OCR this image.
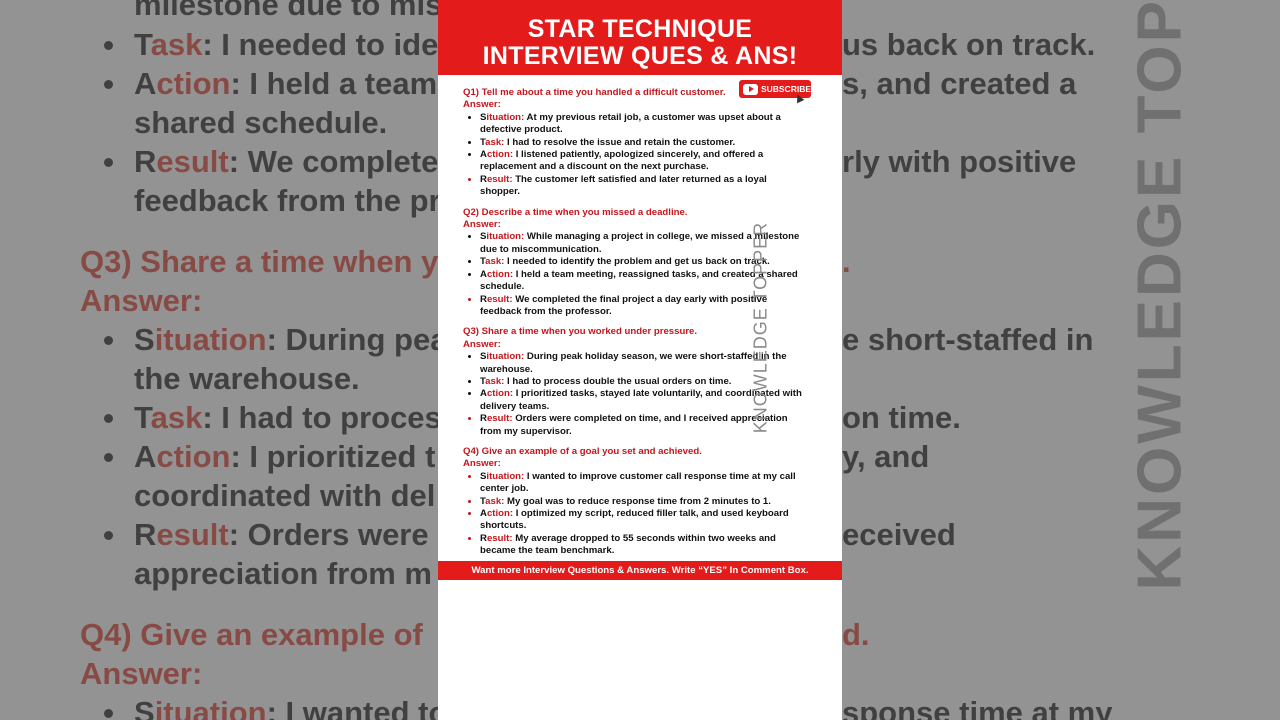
STAR TECHNIQUE
INTERVIEW QUES & ANS!
SUBSCRIBE
Q1) Tell me about a time you handled a difficult customer.
Answer:
• Situation: At my previous retail job, a customer was upset about a defective product.
• Task: I had to resolve the issue and retain the customer.
• Action: I listened patiently, apologized sincerely, and offered a replacement and a discount on the next purchase.
• Result: The customer left satisfied and later returned as a loyal shopper.
Q2) Describe a time when you missed a deadline.
Answer:
• Situation: While managing a project in college, we missed a milestone due to miscommunication.
• Task: I needed to identify the problem and get us back on track.
• Action: I held a team meeting, reassigned tasks, and created a shared schedule.
• Result: We completed the final project a day early with positive feedback from the professor.
Q3) Share a time when you worked under pressure.
Answer:
• Situation: During peak holiday season, we were short-staffed in the warehouse.
• Task: I had to process double the usual orders on time.
• Action: I prioritized tasks, stayed late voluntarily, and coordinated with delivery teams.
• Result: Orders were completed on time, and I received appreciation from my supervisor.
Q4) Give an example of a goal you set and achieved.
Answer:
• Situation: I wanted to improve customer call response time at my call center job.
• Task: My goal was to reduce response time from 2 minutes to 1.
• Action: I optimized my script, reduced filler talk, and used keyboard shortcuts.
• Result: My average dropped to 55 seconds within two weeks and became the team benchmark.
KNOWLEDGE TOPPER
Want more Interview Questions & Answers. Write “YES” In Comment Box.
